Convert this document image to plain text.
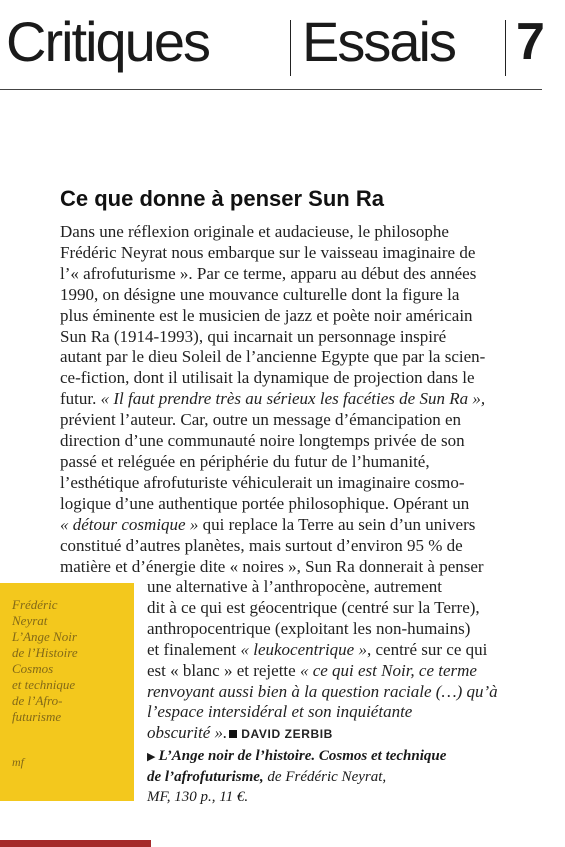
Critiques Essais 7
Ce que donne à penser Sun Ra

Dans une réflexion originale et audacieuse, le philosophe

Frédéric Neyrat nous embarque sur le vaisseau imaginaire de

l’« afrofuturisme ». Par ce terme, apparu au début des années

1990, on désigne une mouvance culturelle dont la figure la

plus éminente est le musicien de jazz et poète noir américain

Sun Ra (1914-1993), qui incarnait un personnage inspiré

autant par le dieu Soleil de l’ancienne Egypte que par la scien-

ce-fiction, dont il utilisait la dynamique de projection dans le

futur. « Il faut prendre très au sérieux les facéties de Sun Ra »,

prévient l’auteur. Car, outre un message d’émancipation en

direction d’une communauté noire longtemps privée de son

passé et reléguée en périphérie du futur de l’humanité,

l’esthétique afrofuturiste véhiculerait un imaginaire cosmo-

logique d’une authentique portée philosophique. Opérant un

« détour cosmique » qui replace la Terre au sein d’un univers

constitué d’autres planètes, mais surtout d’environ 95 % de

matière et d’énergie dite « noires », Sun Ra donnerait à penser

une alternative à l’anthropocène, autrement

dit à ce qui est géocentrique (centré sur la Terre),

anthropocentrique (exploitant les non-humains)

et finalement « leukocentrique », centré sur ce qui

est « blanc » et rejette « ce qui est Noir, ce terme

renvoyant aussi bien à la question raciale (…) qu’à

l’espace intersidéral et son inquiétante

obscurité ». DAVID ZERBIB

Frédéric
Neyrat
L’Ange Noir
de l’Histoire
Cosmos
et technique
de l’Afro-
futurisme
mf	▶ L’Ange noir de l’histoire. Cosmos et technique

de l’afrofuturisme, de Frédéric Neyrat,

MF, 130 p., 11 €.
